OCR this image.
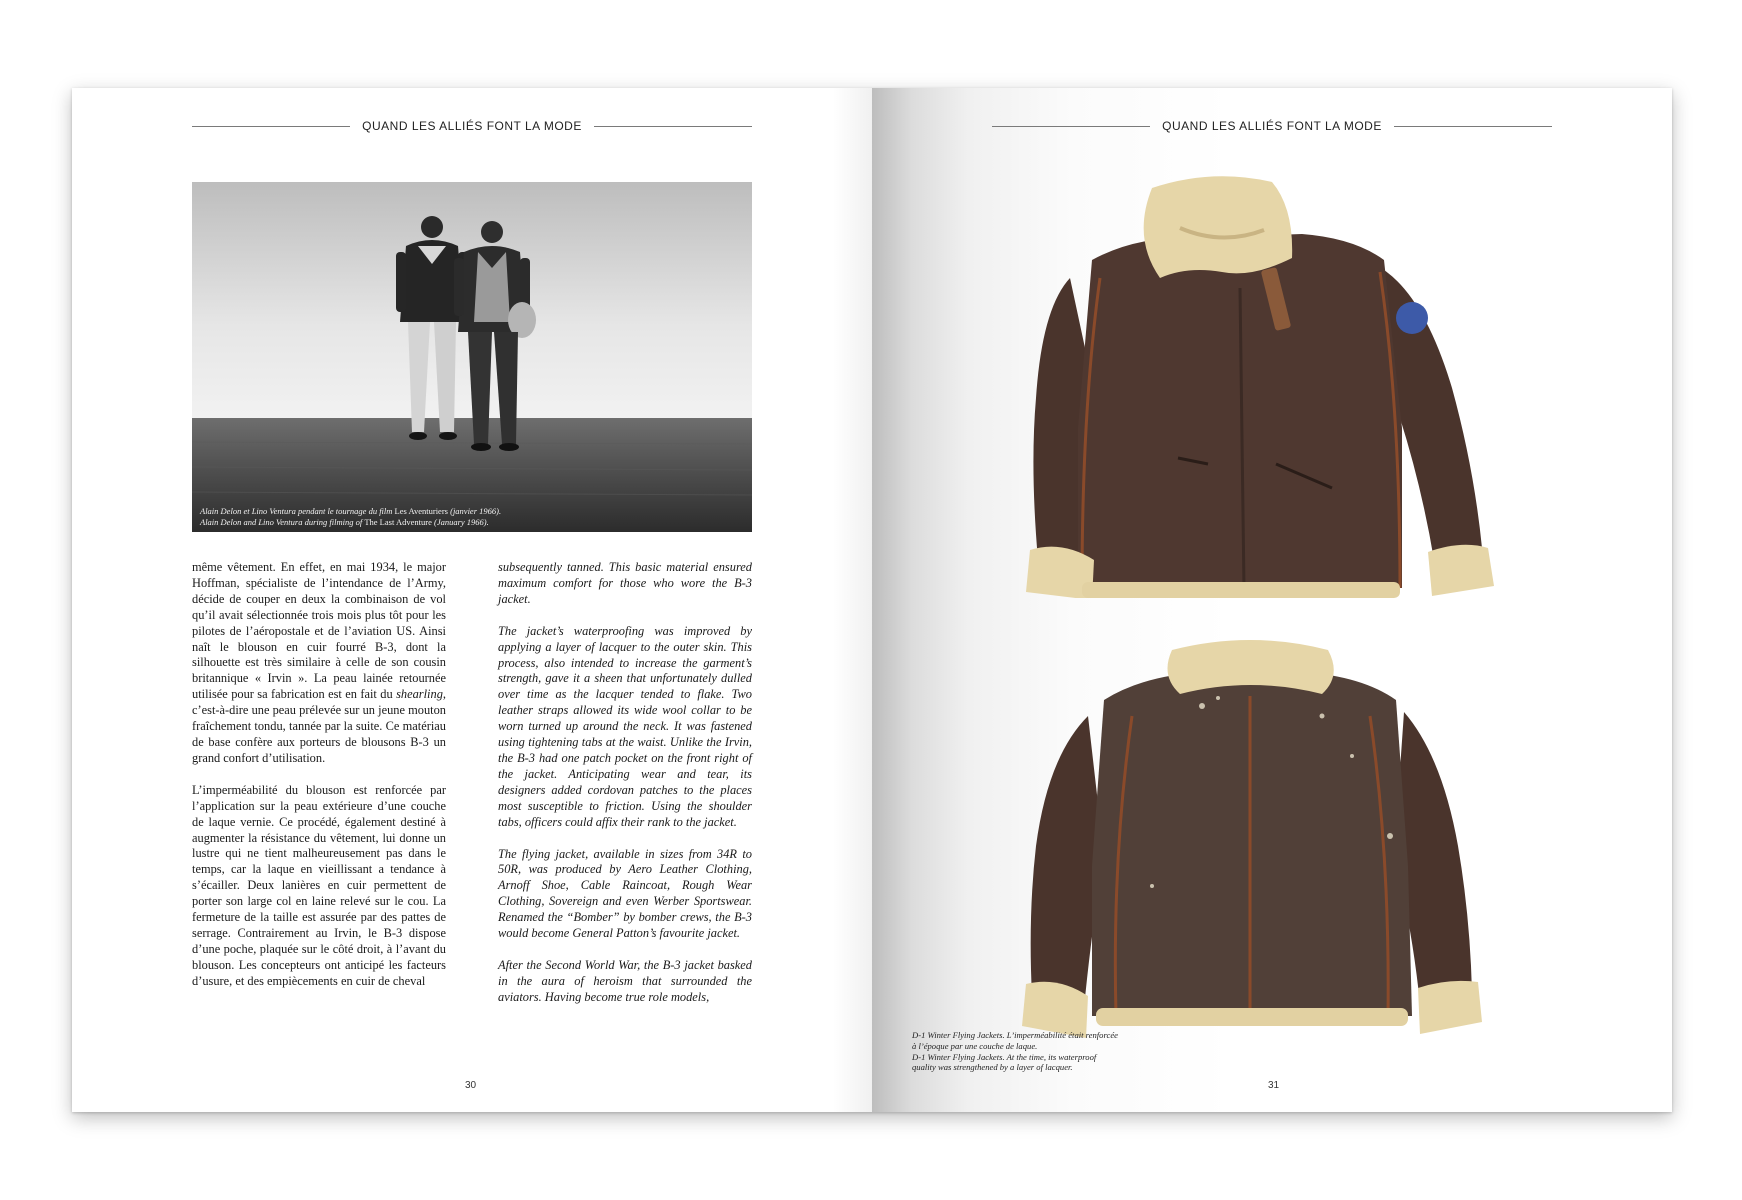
QUAND LES ALLIÉS FONT LA MODE
Alain Delon et Lino Ventura pendant le tournage du film Les Aventuriers (janvier 1966).
Alain Delon and Lino Ventura during filming of The Last Adventure (January 1966).

même vêtement. En effet, en mai 1934, le major Hoffman, spécialiste de l’intendance de l’Army, décide de couper en deux la combinaison de vol qu’il avait sélectionnée trois mois plus tôt pour les pilotes de l’aéropostale et de l’aviation US. Ainsi naît le blouson en cuir fourré B-3, dont la silhouette est très similaire à celle de son cousin britannique « Irvin ». La peau lainée retournée utilisée pour sa fabrication est en fait du shearling, c’est-à-dire une peau prélevée sur un jeune mouton fraîchement tondu, tannée par la suite. Ce matériau de base confère aux porteurs de blousons B-3 un grand confort d’utilisation.

L’imperméabilité du blouson est renforcée par l’application sur la peau extérieure d’une couche de laque vernie. Ce procédé, également destiné à augmenter la résistance du vêtement, lui donne un lustre qui ne tient malheureusement pas dans le temps, car la laque en vieillissant a tendance à s’écailler. Deux lanières en cuir permettent de porter son large col en laine relevé sur le cou. La fermeture de la taille est assurée par des pattes de serrage. Contrairement au Irvin, le B-3 dispose d’une poche, plaquée sur le côté droit, à l’avant du blouson. Les concepteurs ont anticipé les facteurs d’usure, et des empiècements en cuir de cheval

subsequently tanned. This basic material ensured maximum comfort for those who wore the B-3 jacket.

The jacket’s waterproofing was improved by applying a layer of lacquer to the outer skin. This process, also intended to increase the garment’s strength, gave it a sheen that unfortunately dulled over time as the lacquer tended to flake. Two leather straps allowed its wide wool collar to be worn turned up around the neck. It was fastened using tightening tabs at the waist. Unlike the Irvin, the B-3 had one patch pocket on the front right of the jacket. Anticipating wear and tear, its designers added cordovan patches to the places most susceptible to friction. Using the shoulder tabs, officers could affix their rank to the jacket.

The flying jacket, available in sizes from 34R to 50R, was produced by Aero Leather Clothing, Arnoff Shoe, Cable Raincoat, Rough Wear Clothing, Sovereign and even Werber Sportswear. Renamed the “Bomber” by bomber crews, the B-3 would become General Patton’s favourite jacket.

After the Second World War, the B-3 jacket basked in the aura of heroism that surrounded the aviators. Having become true role models,

30
QUAND LES ALLIÉS FONT LA MODE
D-1 Winter Flying Jackets. L’imperméabilité était renforcée à l’époque par une couche de laque.
D-1 Winter Flying Jackets. At the time, its waterproof quality was strengthened by a layer of lacquer.
31
